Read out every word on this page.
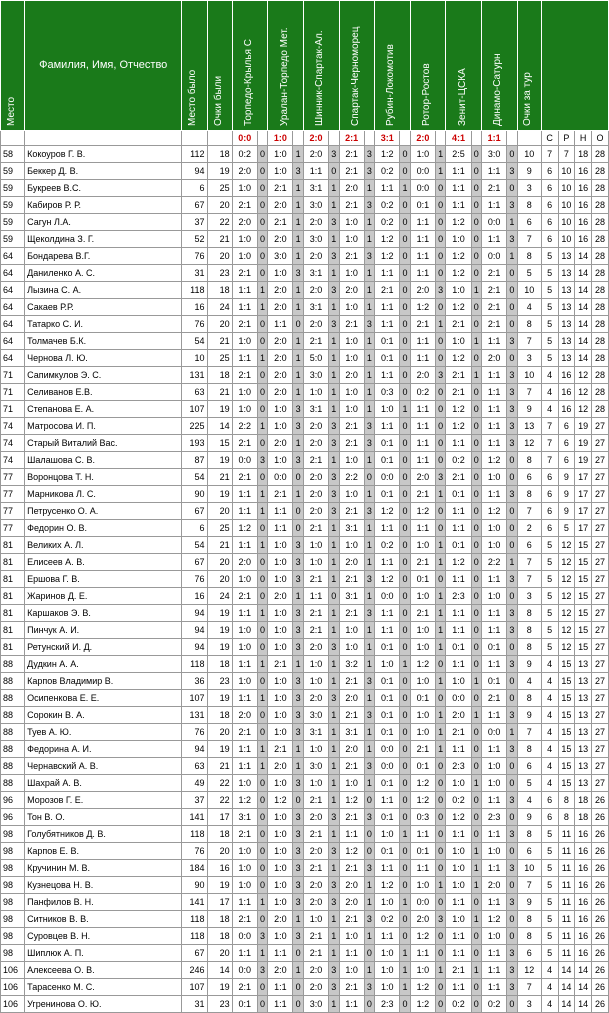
Место	Фамилия, Имя, Отчество	Место было	Очки были	Торпедо-Крылья С		Уралан-Торпедо Мет.		Шинник-Спартак-Ал.		Спартак-Черноморец		Рубин-Локомотив		Ротор-Ростов		Зенит-ЦСКА		Динамо-Сатурн		Очки за тур				

				0:0		1:0		2:0		2:1		3:1		2:0		4:1		1:1			С	Р	Н	О
58	Кокоуров Г. В.	112	18	0:2	0	1:0	1	2:0	3	2:1	3	1:2	0	1:0	1	2:5	0	3:0	0	10	7	7	18	28
59	Беккер Д. В.	94	19	2:0	0	1:0	3	1:1	0	2:1	3	0:2	0	0:0	1	1:1	0	1:1	3	9	6	10	16	28
59	Букреев В.С.	6	25	1:0	0	2:1	1	3:1	1	2:0	1	1:1	1	0:0	0	1:1	0	2:1	0	3	6	10	16	28
59	Кабиров Р. Р.	67	20	2:1	0	2:0	1	3:0	1	2:1	3	0:2	0	0:1	0	1:1	0	1:1	3	8	6	10	16	28
59	Сагун Л.А.	37	22	2:0	0	2:1	1	2:0	3	1:0	1	0:2	0	1:1	0	1:2	0	0:0	1	6	6	10	16	28
59	Щеколдина З. Г.	52	21	1:0	0	2:0	1	3:0	1	1:0	1	1:2	0	1:1	0	1:0	0	1:1	3	7	6	10	16	28
64	Бондарева В.Г.	76	20	1:0	0	3:0	1	2:0	3	2:1	3	1:2	0	1:1	0	1:2	0	0:0	1	8	5	13	14	28
64	Даниленко А. С.	31	23	2:1	0	1:0	3	3:1	1	1:0	1	1:1	0	1:1	0	1:2	0	2:1	0	5	5	13	14	28
64	Лызина С. А.	118	18	1:1	1	2:0	1	2:0	3	2:0	1	2:1	0	2:0	3	1:0	1	2:1	0	10	5	13	14	28
64	Сакаев Р.Р.	16	24	1:1	1	2:0	1	3:1	1	1:0	1	1:1	0	1:2	0	1:2	0	2:1	0	4	5	13	14	28
64	Татарко С. И.	76	20	2:1	0	1:1	0	2:0	3	2:1	3	1:1	0	2:1	1	2:1	0	2:1	0	8	5	13	14	28
64	Толмачев Б.К.	54	21	1:0	0	2:0	1	2:1	1	1:0	1	0:1	0	1:1	0	1:0	1	1:1	3	7	5	13	14	28
64	Чернова Л. Ю.	10	25	1:1	1	2:0	1	5:0	1	1:0	1	0:1	0	1:1	0	1:2	0	2:0	0	3	5	13	14	28
71	Сапимкулов Э. С.	131	18	2:1	0	2:0	1	3:0	1	2:0	1	1:1	0	2:0	3	2:1	1	1:1	3	10	4	16	12	28
71	Селиванов Е.В.	63	21	1:0	0	2:0	1	1:0	1	1:0	1	0:3	0	0:2	0	2:1	0	1:1	3	7	4	16	12	28
71	Степанова Е. А.	107	19	1:0	0	1:0	3	3:1	1	1:0	1	1:0	1	1:1	0	1:2	0	1:1	3	9	4	16	12	28
74	Матросова И. П.	225	14	2:2	1	1:0	3	2:0	3	2:1	3	1:1	0	1:1	0	1:2	0	1:1	3	13	7	6	19	27
74	Старый Виталий Вас.	193	15	2:1	0	2:0	1	2:0	3	2:1	3	0:1	0	1:1	0	1:1	0	1:1	3	12	7	6	19	27
74	Шалашова С. В.	87	19	0:0	3	1:0	3	2:1	1	1:0	1	0:1	0	1:1	0	0:2	0	1:2	0	8	7	6	19	27
77	Воронцова Т. Н.	54	21	2:1	0	0:0	0	2:0	3	2:2	0	0:0	0	2:0	3	2:1	0	1:0	0	6	6	9	17	27
77	Марникова Л. С.	90	19	1:1	1	2:1	1	2:0	3	1:0	1	0:1	0	2:1	1	0:1	0	1:1	3	8	6	9	17	27
77	Петрусенко О. А.	67	20	1:1	1	1:1	0	2:0	3	2:1	3	1:2	0	1:2	0	1:1	0	1:2	0	7	6	9	17	27
77	Федорин О. В.	6	25	1:2	0	1:1	0	2:1	1	3:1	1	1:1	0	1:1	0	1:1	0	1:0	0	2	6	5	17	27
81	Великих А. Л.	54	21	1:1	1	1:0	3	1:0	1	1:0	1	0:2	0	1:0	1	0:1	0	1:0	0	6	5	12	15	27
81	Елисеев А. В.	67	20	2:0	0	1:0	3	1:0	1	2:0	1	1:1	0	2:1	1	1:2	0	2:2	1	7	5	12	15	27
81	Ершова Г. В.	76	20	1:0	0	1:0	3	2:1	1	2:1	3	1:2	0	0:1	0	1:1	0	1:1	3	7	5	12	15	27
81	Жаринов Д. Е.	16	24	2:1	0	2:0	1	1:1	0	3:1	1	0:0	0	1:0	1	2:3	0	1:0	0	3	5	12	15	27
81	Каршаков Э. В.	94	19	1:1	1	1:0	3	2:1	1	2:1	3	1:1	0	2:1	1	1:1	0	1:1	3	8	5	12	15	27
81	Пинчук А. И.	94	19	1:0	0	1:0	3	2:1	1	1:0	1	1:1	0	1:0	1	1:1	0	1:1	3	8	5	12	15	27
81	Ретунский И. Д.	94	19	1:0	0	1:0	3	2:0	3	1:0	1	0:1	0	1:0	1	0:1	0	0:1	0	8	5	12	15	27
88	Дудкин А. А.	118	18	1:1	1	2:1	1	1:0	1	3:2	1	1:0	1	1:2	0	1:1	0	1:1	3	9	4	15	13	27
88	Карпов Владимир В.	36	23	1:0	0	1:0	3	1:0	1	2:1	3	0:1	0	1:0	1	1:0	1	0:1	0	4	4	15	13	27
88	Осипенкова Е. Е.	107	19	1:1	1	1:0	3	2:0	3	2:0	1	0:1	0	0:1	0	0:0	0	2:1	0	8	4	15	13	27
88	Сорокин В. А.	131	18	2:0	0	1:0	3	3:0	1	2:1	3	0:1	0	1:0	1	2:0	1	1:1	3	9	4	15	13	27
88	Туев А. Ю.	76	20	2:1	0	1:0	3	3:1	1	3:1	1	0:1	0	1:0	1	2:1	0	0:0	1	7	4	15	13	27
88	Федорина А. И.	94	19	1:1	1	2:1	1	1:0	1	2:0	1	0:0	0	2:1	1	1:1	0	1:1	3	8	4	15	13	27
88	Чернавский А. В.	63	21	1:1	1	2:0	1	3:0	1	2:1	3	0:0	0	0:1	0	2:3	0	1:0	0	6	4	15	13	27
88	Шахрай А. В.	49	22	1:0	0	1:0	3	1:0	1	1:0	1	0:1	0	1:2	0	1:0	1	1:0	0	5	4	15	13	27
96	Морозов Г. Е.	37	22	1:2	0	1:2	0	2:1	1	1:2	0	1:1	0	1:2	0	0:2	0	1:1	3	4	6	8	18	26
96	Тон В. О.	141	17	3:1	0	1:0	3	2:0	3	2:1	3	0:1	0	0:3	0	1:2	0	2:3	0	9	6	8	18	26
98	Голубятников Д. В.	118	18	2:1	0	1:0	3	2:1	1	1:1	0	1:0	1	1:1	0	1:1	0	1:1	3	8	5	11	16	26
98	Карпов Е. В.	76	20	1:0	0	1:0	3	2:0	3	1:2	0	0:1	0	0:1	0	1:0	1	1:0	0	6	5	11	16	26
98	Кручинин М. В.	184	16	1:0	0	1:0	3	2:1	1	2:1	3	1:1	0	1:1	0	1:0	1	1:1	3	10	5	11	16	26
98	Кузнецова Н. В.	90	19	1:0	0	1:0	3	2:0	3	2:0	1	1:2	0	1:0	1	1:0	1	2:0	0	7	5	11	16	26
98	Панфилов В. Н.	141	17	1:1	1	1:0	3	2:0	3	2:0	1	1:0	1	0:0	0	1:1	0	1:1	3	9	5	11	16	26
98	Ситников В. В.	118	18	2:1	0	2:0	1	1:0	1	2:1	3	0:2	0	2:0	3	1:0	1	1:2	0	8	5	11	16	26
98	Суровцев В. Н.	118	18	0:0	3	1:0	3	2:1	1	1:0	1	1:1	0	1:2	0	1:1	0	1:0	0	8	5	11	16	26
98	Шиплюк А. П.	67	20	1:1	1	1:1	0	2:1	1	1:1	0	1:0	1	1:1	0	1:1	0	1:1	3	6	5	11	16	26
106	Алексеева О. В.	246	14	0:0	3	2:0	1	2:0	3	1:0	1	1:0	1	1:0	1	2:1	1	1:1	3	12	4	14	14	26
106	Тарасенко М. С.	107	19	2:1	0	1:1	0	2:0	3	2:1	3	1:0	1	1:2	0	1:1	0	1:1	3	7	4	14	14	26
106	Угренинова О. Ю.	31	23	0:1	0	1:1	0	3:0	1	1:1	0	2:3	0	1:2	0	0:2	0	0:2	0	3	4	14	14	26
